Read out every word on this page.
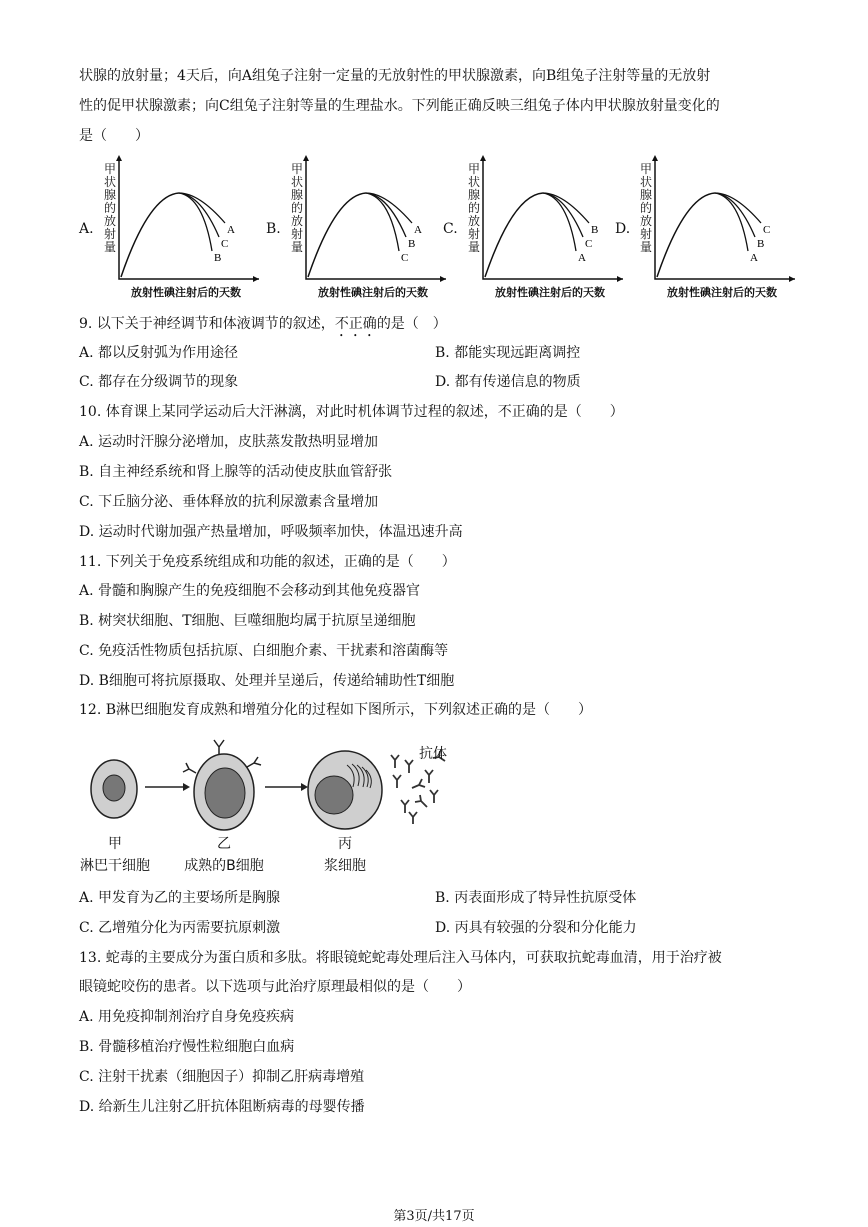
状腺的放射量；4天后，向A组兔子注射一定量的无放射性的甲状腺激素，向B组兔子注射等量的无放射
性的促甲状腺激素；向C组兔子注射等量的生理盐水。下列能正确反映三组兔子体内甲状腺放射量变化的
是（　　）
A.
甲状腺的放射量
A
C
B
放射性碘注射后的天数
B.
甲状腺的放射量
A
B
C
放射性碘注射后的天数
C.
甲状腺的放射量
B
C
A
放射性碘注射后的天数
D.
甲状腺的放射量
C
B
A
放射性碘注射后的天数
9. 以下关于神经调节和体液调节的叙述，不正确的是（　）
A. 都以反射弧为作用途径	B. 都能实现远距离调控
C. 都存在分级调节的现象	D. 都有传递信息的物质
10. 体育课上某同学运动后大汗淋漓，对此时机体调节过程的叙述，不正确的是（　　）
A. 运动时汗腺分泌增加，皮肤蒸发散热明显增加
B. 自主神经系统和肾上腺等的活动使皮肤血管舒张
C. 下丘脑分泌、垂体释放的抗利尿激素含量增加
D. 运动时代谢加强产热量增加，呼吸频率加快，体温迅速升高
11. 下列关于免疫系统组成和功能的叙述，正确的是（　　）
A. 骨髓和胸腺产生的免疫细胞不会移动到其他免疫器官
B. 树突状细胞、T细胞、巨噬细胞均属于抗原呈递细胞
C. 免疫活性物质包括抗原、白细胞介素、干扰素和溶菌酶等
D. B细胞可将抗原摄取、处理并呈递后，传递给辅助性T细胞
12. B淋巴细胞发育成熟和增殖分化的过程如下图所示，下列叙述正确的是（　　）
抗体
甲
淋巴干细胞
乙
成熟的B细胞
丙
浆细胞
A. 甲发育为乙的主要场所是胸腺	B. 丙表面形成了特异性抗原受体
C. 乙增殖分化为丙需要抗原刺激	D. 丙具有较强的分裂和分化能力
13. 蛇毒的主要成分为蛋白质和多肽。将眼镜蛇蛇毒处理后注入马体内，可获取抗蛇毒血清，用于治疗被
眼镜蛇咬伤的患者。以下选项与此治疗原理最相似的是（　　）
A. 用免疫抑制剂治疗自身免疫疾病
B. 骨髓移植治疗慢性粒细胞白血病
C. 注射干扰素（细胞因子）抑制乙肝病毒增殖
D. 给新生儿注射乙肝抗体阻断病毒的母婴传播
第3页/共17页
